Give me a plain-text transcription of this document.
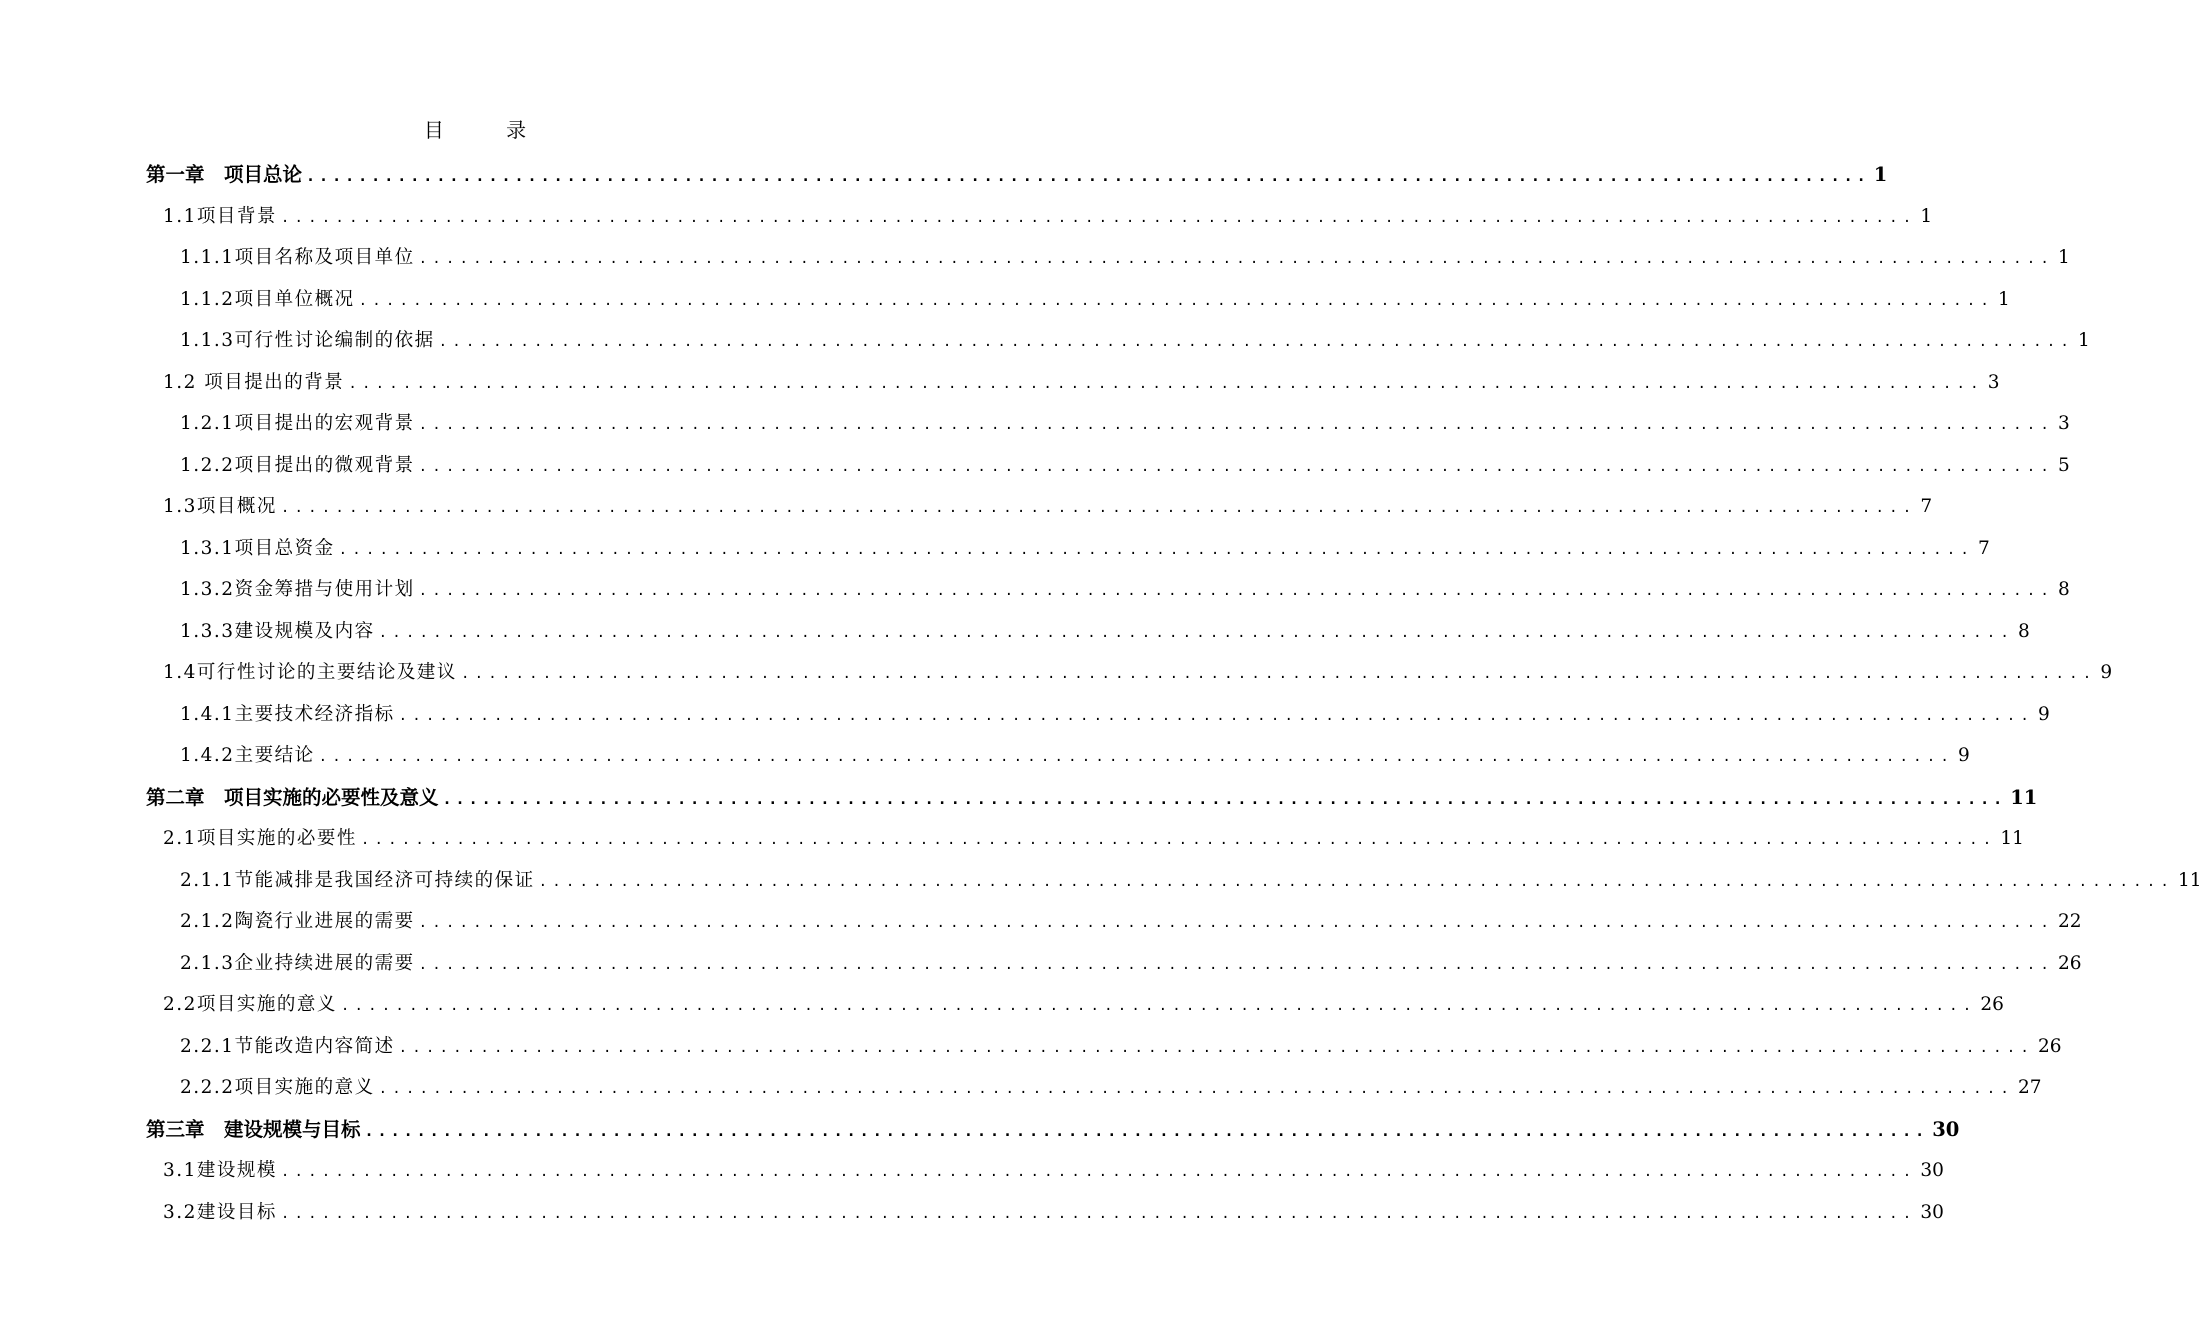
目 录
第一章　项目总论 ........................................................................................................................ 1
1.1项目背景 ........................................................................................................................ 1
1.1.1项目名称及项目单位 ........................................................................................................................ 1
1.1.2项目单位概况 ........................................................................................................................ 1
1.1.3可行性讨论编制的依据 ........................................................................................................................ 1
1.2 项目提出的背景 ........................................................................................................................ 3
1.2.1项目提出的宏观背景 ........................................................................................................................ 3
1.2.2项目提出的微观背景 ........................................................................................................................ 5
1.3项目概况 ........................................................................................................................ 7
1.3.1项目总资金 ........................................................................................................................ 7
1.3.2资金筹措与使用计划 ........................................................................................................................ 8
1.3.3建设规模及内容 ........................................................................................................................ 8
1.4可行性讨论的主要结论及建议 ........................................................................................................................ 9
1.4.1主要技术经济指标 ........................................................................................................................ 9
1.4.2主要结论 ........................................................................................................................ 9
第二章　项目实施的必要性及意义 ........................................................................................................................ 11
2.1项目实施的必要性 ........................................................................................................................ 11
2.1.1节能减排是我国经济可持续的保证 ........................................................................................................................ 11
2.1.2陶瓷行业进展的需要 ........................................................................................................................ 22
2.1.3企业持续进展的需要 ........................................................................................................................ 26
2.2项目实施的意义 ........................................................................................................................ 26
2.2.1节能改造内容简述 ........................................................................................................................ 26
2.2.2项目实施的意义 ........................................................................................................................ 27
第三章　建设规模与目标 ........................................................................................................................ 30
3.1建设规模 ........................................................................................................................ 30
3.2建设目标 ........................................................................................................................ 30
